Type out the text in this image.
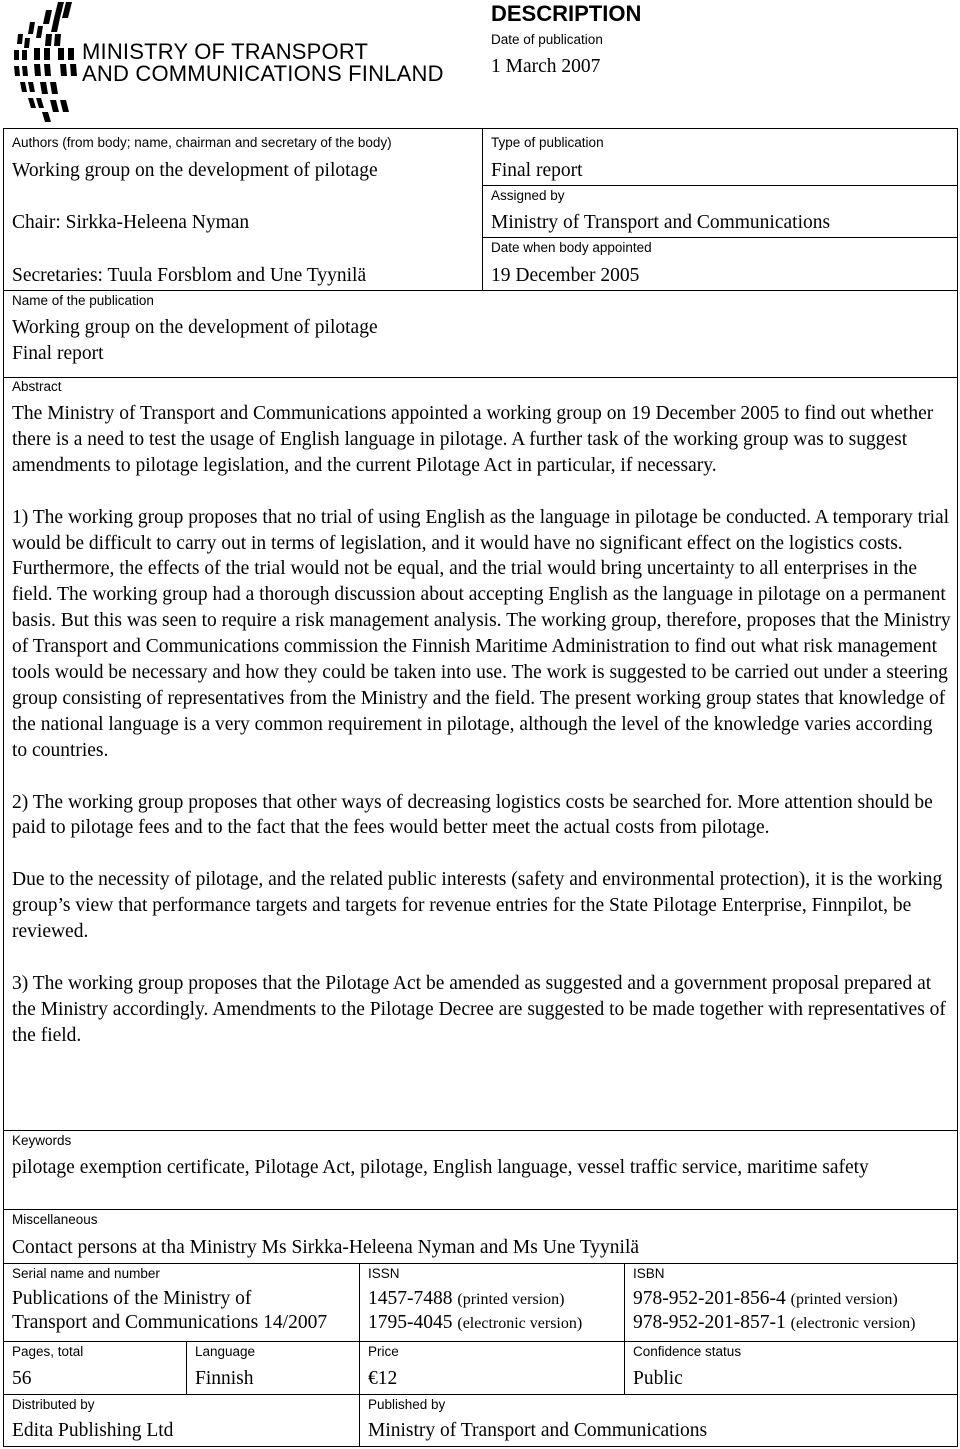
MINISTRY OF TRANSPORT
AND COMMUNICATIONS FINLAND
DESCRIPTION
Date of publication
1 March 2007
Authors (from body; name, chairman and secretary of the body)
Working group on the development of pilotage
Chair: Sirkka-Heleena Nyman
Secretaries: Tuula Forsblom and Une Tyynilä
Type of publication
Final report
Assigned by
Ministry of Transport and Communications
Date when body appointed
19 December 2005
Name of the publication
Working group on the development of pilotage
Final report
Abstract

The Ministry of Transport and Communications appointed a working group on 19 December 2005 to find out whether there is a need to test the usage of English language in pilotage. A further task of the working group was to suggest amendments to pilotage legislation, and the current Pilotage Act in particular, if necessary.

1) The working group proposes that no trial of using English as the language in pilotage be conducted. A temporary trial would be difficult to carry out in terms of legislation, and it would have no significant effect on the logistics costs. Furthermore, the effects of the trial would not be equal, and the trial would bring uncertainty to all enterprises in the field. The working group had a thorough discussion about accepting English as the language in pilotage on a permanent basis. But this was seen to require a risk management analysis. The working group, therefore, proposes that the Ministry of Transport and Communications commission the Finnish Maritime Administration to find out what risk management tools would be necessary and how they could be taken into use. The work is suggested to be carried out under a steering group consisting of representatives from the Ministry and the field. The present working group states that knowledge of the national language is a very common requirement in pilotage, although the level of the knowledge varies according to countries.

2) The working group proposes that other ways of decreasing logistics costs be searched for. More attention should be paid to pilotage fees and to the fact that the fees would better meet the actual costs from pilotage.

Due to the necessity of pilotage, and the related public interests (safety and environmental protection), it is the working group’s view that performance targets and targets for revenue entries for the State Pilotage Enterprise, Finnpilot, be reviewed.

3) The working group proposes that the Pilotage Act be amended as suggested and a government proposal prepared at the Ministry accordingly. Amendments to the Pilotage Decree are suggested to be made together with representatives of the field.

Keywords
pilotage exemption certificate, Pilotage Act, pilotage, English language, vessel traffic service, maritime safety
Miscellaneous
Contact persons at tha Ministry Ms Sirkka-Heleena Nyman and Ms Une Tyynilä
Serial name and number
Publications of the Ministry of
Transport and Communications 14/2007
ISSN
1457-7488 (printed version)
1795-4045 (electronic version)
ISBN
978-952-201-856-4 (printed version)
978-952-201-857-1 (electronic version)
Pages, total
56
Language
Finnish
Price
€12
Confidence status
Public
Distributed by
Edita Publishing Ltd
Published by
Ministry of Transport and Communications
